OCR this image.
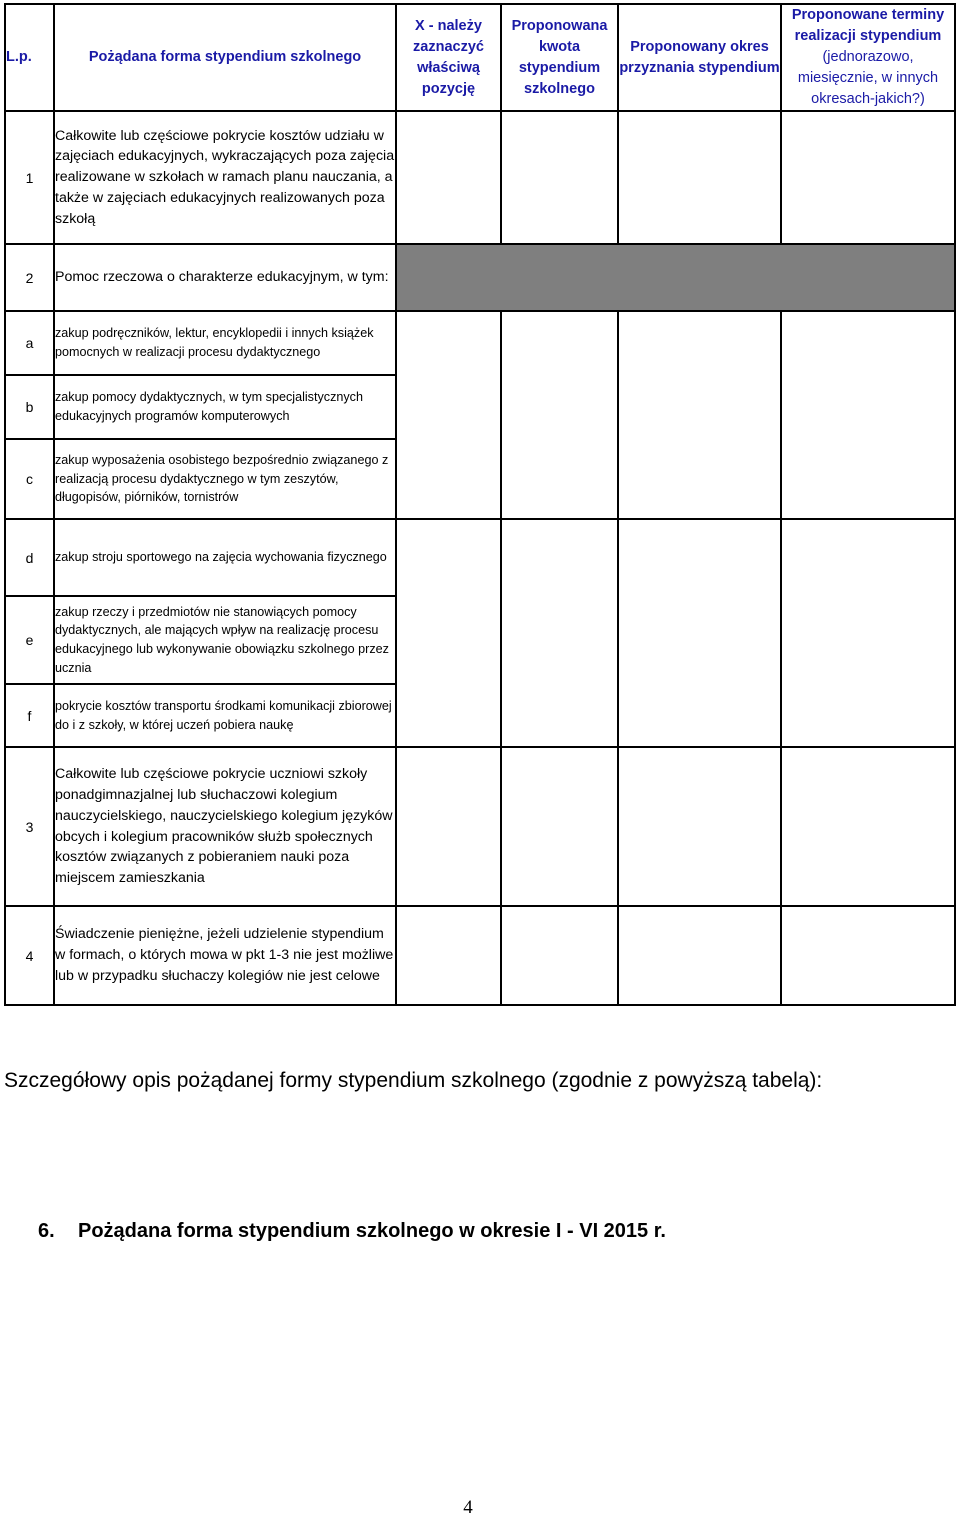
L.p.	Pożądana forma stypendium szkolnego	X - należy zaznaczyć właściwą pozycję	Proponowana kwota stypendium szkolnego	Proponowany okres przyznania stypendium	Proponowane terminy realizacji stypendium
(jednorazowo, miesięcznie, w innych okresach-jakich?)
1	Całkowite lub częściowe pokrycie kosztów udziału w zajęciach edukacyjnych, wykraczających poza zajęcia realizowane w szkołach w ramach planu nauczania, a także w zajęciach edukacyjnych realizowanych poza szkołą				
2	Pomoc rzeczowa o charakterze edukacyjnym, w tym:				
a	zakup podręczników, lektur, encyklopedii i innych książek pomocnych w realizacji procesu dydaktycznego				
b	zakup pomocy dydaktycznych, w tym specjalistycznych edukacyjnych programów komputerowych				
c	zakup wyposażenia osobistego bezpośrednio związanego z realizacją procesu dydaktycznego w tym zeszytów, długopisów, piórników, tornistrów				
d	zakup stroju sportowego na zajęcia wychowania fizycznego				
e	zakup rzeczy i przedmiotów nie stanowiących pomocy dydaktycznych, ale mających wpływ na realizację procesu edukacyjnego lub wykonywanie obowiązku szkolnego przez ucznia				
f	pokrycie kosztów transportu środkami komunikacji zbiorowej do i z szkoły, w której uczeń pobiera naukę				
3	Całkowite lub częściowe pokrycie uczniowi szkoły ponadgimnazjalnej lub słuchaczowi kolegium nauczycielskiego, nauczycielskiego kolegium języków obcych i kolegium pracowników służb społecznych kosztów związanych z pobieraniem nauki poza miejscem zamieszkania				
4	Świadczenie pieniężne, jeżeli udzielenie stypendium w formach, o których mowa w pkt 1-3 nie jest możliwe lub w przypadku słuchaczy kolegiów nie jest celowe				

Szczegółowy opis pożądanej formy stypendium szkolnego (zgodnie z powyższą tabelą):

6. Pożądana forma stypendium szkolnego w okresie I - VI 2015 r.
4
